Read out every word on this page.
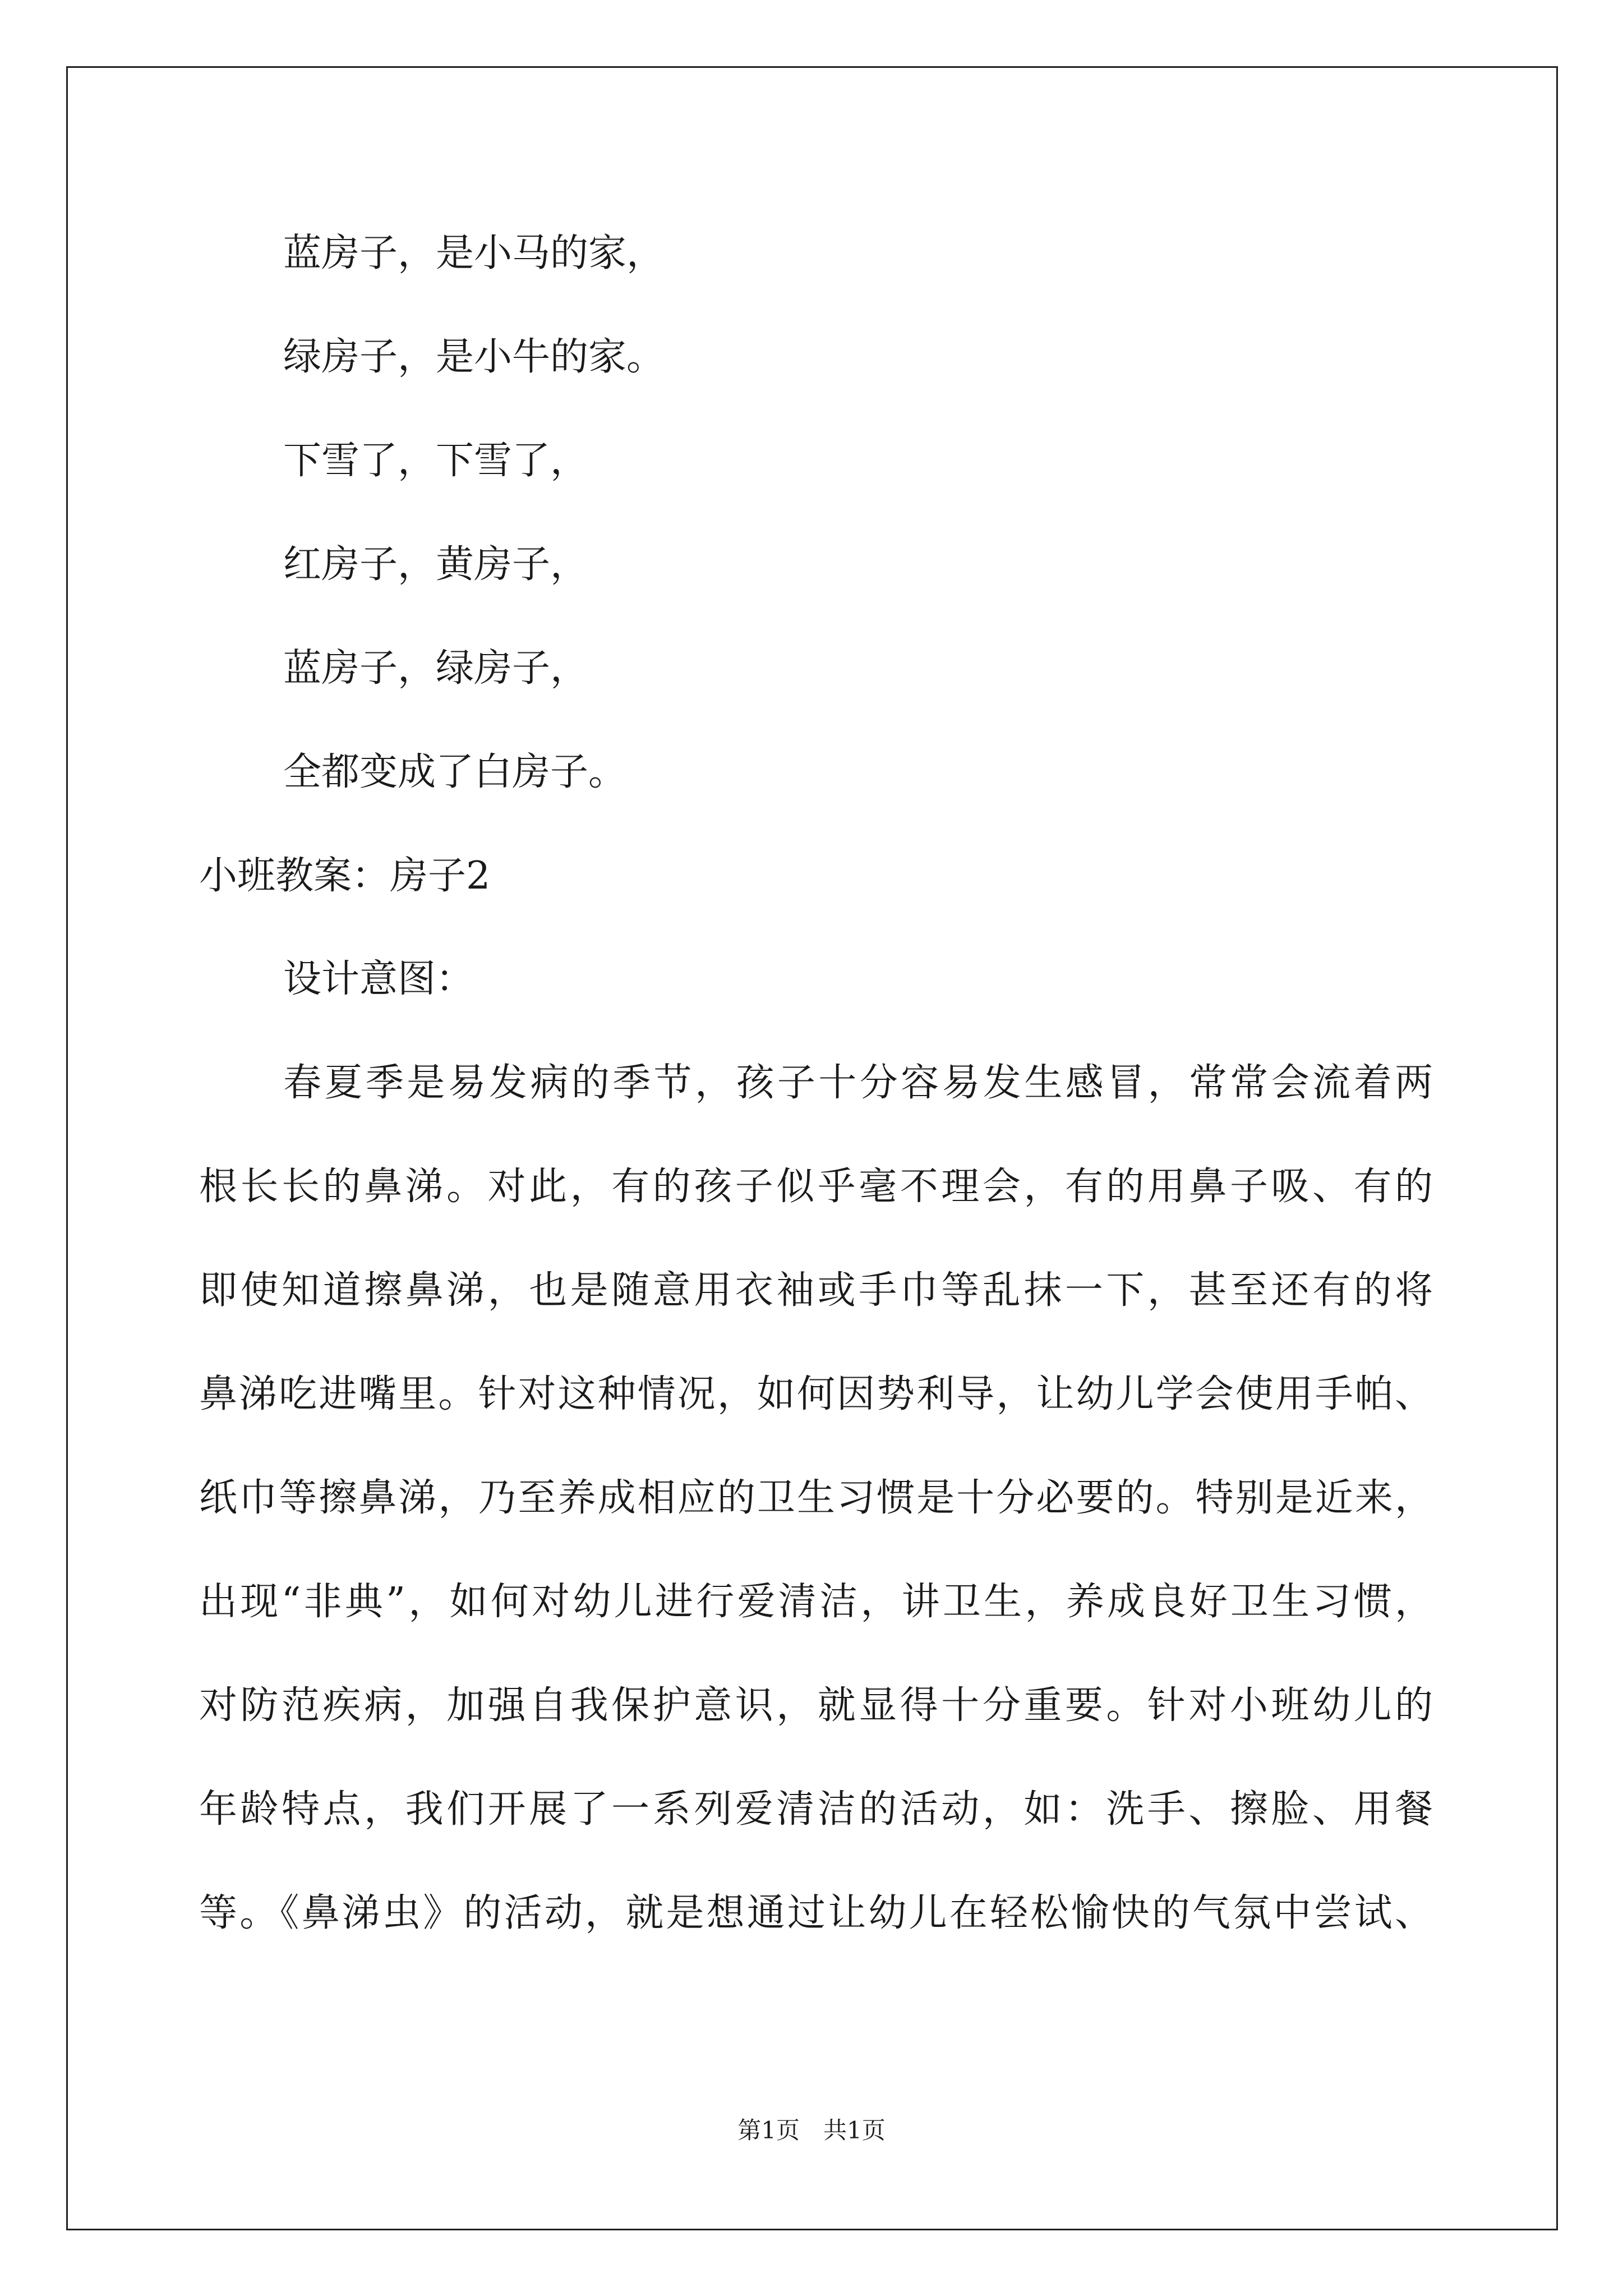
蓝房子，是小马的家，
绿房子，是小牛的家。
下雪了，下雪了，
红房子，黄房子，
蓝房子，绿房子，
全都变成了白房子。
小班教案：房子2
设计意图：
春夏季是易发病的季节，孩子十分容易发生感冒，常常会流着两
根长长的鼻涕。对此，有的孩子似乎毫不理会，有的用鼻子吸、有的
即使知道擦鼻涕，也是随意用衣袖或手巾等乱抹一下，甚至还有的将
鼻涕吃进嘴里。针对这种情况，如何因势利导，让幼儿学会使用手帕、
纸巾等擦鼻涕，乃至养成相应的卫生习惯是十分必要的。特别是近来，
出现“非典”，如何对幼儿进行爱清洁，讲卫生，养成良好卫生习惯，
对防范疾病，加强自我保护意识，就显得十分重要。针对小班幼儿的
年龄特点，我们开展了一系列爱清洁的活动，如：洗手、擦脸、用餐
等。《鼻涕虫》的活动，就是想通过让幼儿在轻松愉快的气氛中尝试、
第1页　共1页
